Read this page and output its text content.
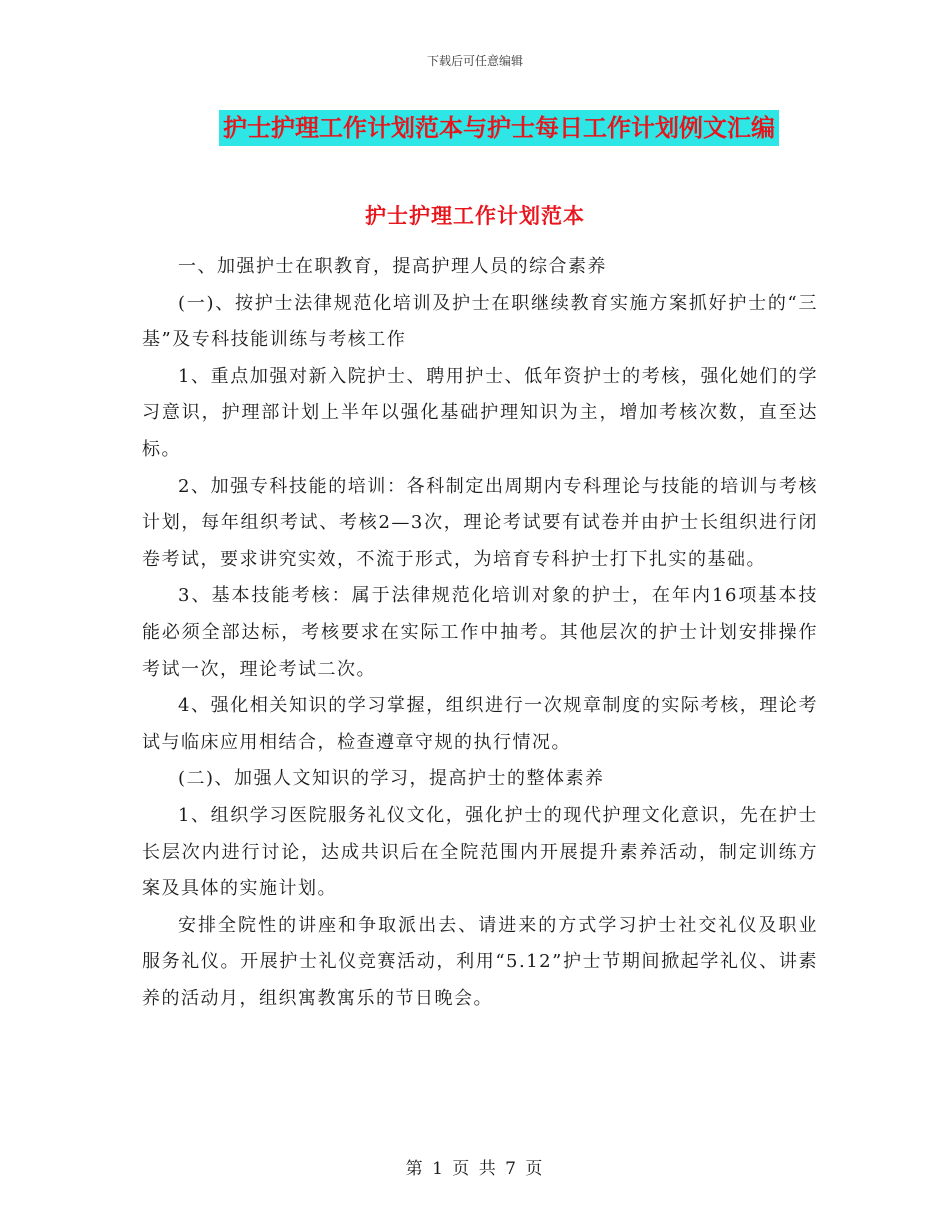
下载后可任意编辑
护士护理工作计划范本与护士每日工作计划例文汇编
护士护理工作计划范本

一、加强护士在职教育，提高护理人员的综合素养

(一)、按护士法律规范化培训及护士在职继续教育实施方案抓好护士的“三基”及专科技能训练与考核工作

1、重点加强对新入院护士、聘用护士、低年资护士的考核，强化她们的学习意识，护理部计划上半年以强化基础护理知识为主，增加考核次数，直至达标。

2、加强专科技能的培训：各科制定出周期内专科理论与技能的培训与考核计划，每年组织考试、考核2—3次，理论考试要有试卷并由护士长组织进行闭卷考试，要求讲究实效，不流于形式，为培育专科护士打下扎实的基础。

3、基本技能考核：属于法律规范化培训对象的护士，在年内16项基本技能必须全部达标，考核要求在实际工作中抽考。其他层次的护士计划安排操作考试一次，理论考试二次。

4、强化相关知识的学习掌握，组织进行一次规章制度的实际考核，理论考试与临床应用相结合，检查遵章守规的执行情况。

(二)、加强人文知识的学习，提高护士的整体素养

1、组织学习医院服务礼仪文化，强化护士的现代护理文化意识，先在护士长层次内进行讨论，达成共识后在全院范围内开展提升素养活动，制定训练方案及具体的实施计划。

安排全院性的讲座和争取派出去、请进来的方式学习护士社交礼仪及职业服务礼仪。开展护士礼仪竞赛活动，利用“5.12”护士节期间掀起学礼仪、讲素养的活动月，组织寓教寓乐的节日晚会。

第 1 页 共 7 页
